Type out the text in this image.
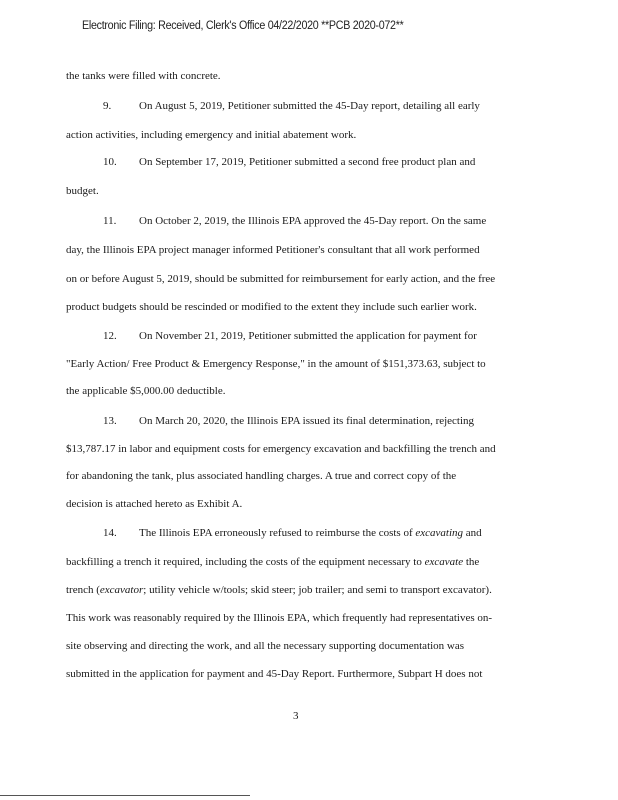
Electronic Filing: Received, Clerk's Office 04/22/2020 **PCB 2020-072**
the tanks were filled with concrete.
9.	On August 5, 2019, Petitioner submitted the 45-Day report, detailing all early
action activities, including emergency and initial abatement work.
10. On September 17, 2019, Petitioner submitted a second free product plan and
budget.
11. On October 2, 2019, the Illinois EPA approved the 45-Day report. On the same
day, the Illinois EPA project manager informed Petitioner's consultant that all work performed
on or before August 5, 2019, should be submitted for reimbursement for early action, and the free
product budgets should be rescinded or modified to the extent they include such earlier work.
12. On November 21, 2019, Petitioner submitted the application for payment for
"Early Action/ Free Product & Emergency Response," in the amount of $151,373.63, subject to
the applicable $5,000.00 deductible.
13. On March 20, 2020, the Illinois EPA issued its final determination, rejecting
$13,787.17 in labor and equipment costs for emergency excavation and backfilling the trench and
for abandoning the tank, plus associated handling charges. A true and correct copy of the
decision is attached hereto as Exhibit A.
14. The Illinois EPA erroneously refused to reimburse the costs of excavating and
backfilling a trench it required, including the costs of the equipment necessary to excavate the
trench (excavator; utility vehicle w/tools; skid steer; job trailer; and semi to transport excavator).
This work was reasonably required by the Illinois EPA, which frequently had representatives on-
site observing and directing the work, and all the necessary supporting documentation was
submitted in the application for payment and 45-Day Report. Furthermore, Subpart H does not
3
